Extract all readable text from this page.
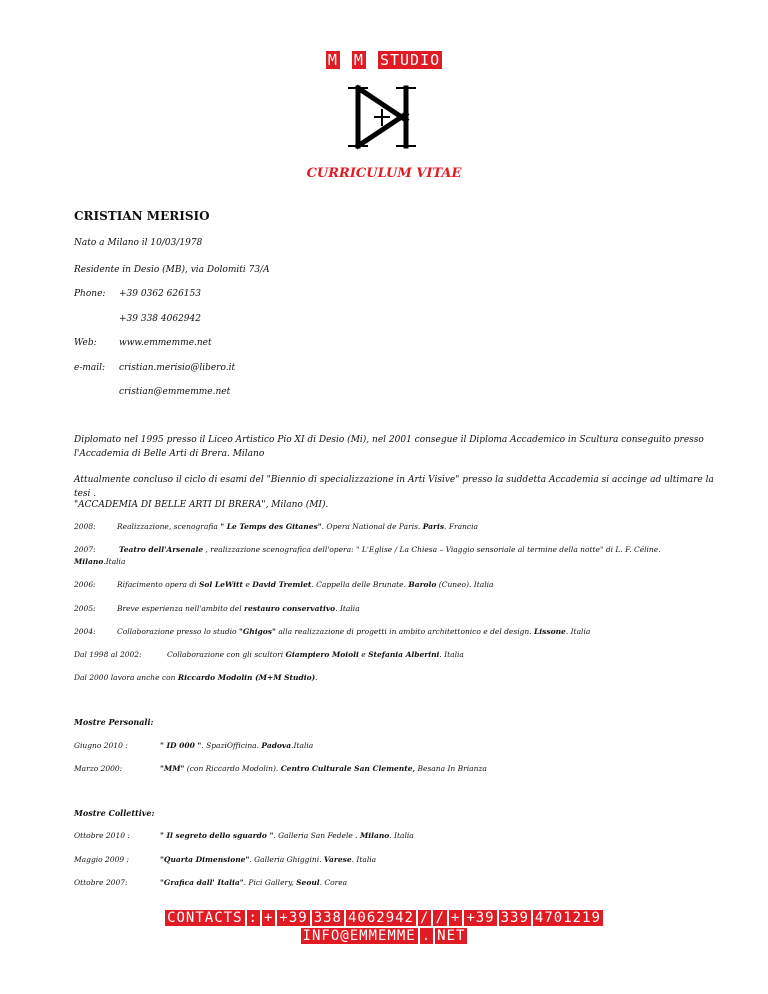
M M STUDIO
CURRICULUM VITAE
CRISTIAN MERISIO
Nato a Milano il 10/03/1978
Residente in Desio (MB), via Dolomiti 73/A
Phone: +39 0362 626153
+39 338 4062942
Web: www.emmemme.net
e-mail: cristian.merisio@libero.it
cristian@emmemme.net
Diplomato nel 1995 presso il Liceo Artistico Pio XI di Desio (Mi), nel 2001 consegue il Diploma Accademico in Scultura conseguito presso l'Accademia di Belle Arti di Brera. Milano
Attualmente concluso il ciclo di esami del "Biennio di specializzazione in Arti Visive" presso la suddetta Accademia si accinge ad ultimare la tesi .
"ACCADEMIA DI BELLE ARTI DI BRERA", Milano (MI).
2008:	Realizzazione, scenografia " Le Temps des Gitanes". Opera National de Paris. Paris. Francia
2007:	Teatro dell'Arsenale , realizzazione scenografica dell'opera: " L'Eglise / La Chiesa – Viaggio sensoriale al termine della notte" di L. F. Céline.
Milano.Italia
2006:	Rifacimento opera di Sol LeWitt e David Tremlet. Cappella delle Brunate. Barolo (Cuneo). Italia
2005:	Breve esperienza nell'ambito del restauro conservativo. Italia
2004:	Collaborazione presso lo studio "Ghigos" alla realizzazione di progetti in ambito architettonico e del design. Lissone. Italia
Dal 1998 al 2002:	Collaborazione con gli scultori Giampiero Moioli e Stefania Alberini. Italia
Dal 2000 lavora anche con Riccardo Modolin (M+M Studio).
Mostre Personali:
Giugno 2010 :	" ID 000 ". SpaziOfficina. Padova.Italia
Marzo 2000:	"MM" (con Riccardo Modolin). Centro Culturale San Clemente, Besana In Brianza
Mostre Collettive:
Ottobre 2010 :	" Il segreto dello sguardo ". Galleria San Fedele . Milano. Italia
Maggio 2009 :	"Quarta Dimensione". Galleria Ghiggini. Varese. Italia
Ottobre 2007:	"Grafica dall' Italia". Pici Gallery, Seoul. Corea
CONTACTS : + +39 338 4062942 / / + +39 339 4701219
INFO@EMMEMME . NET
